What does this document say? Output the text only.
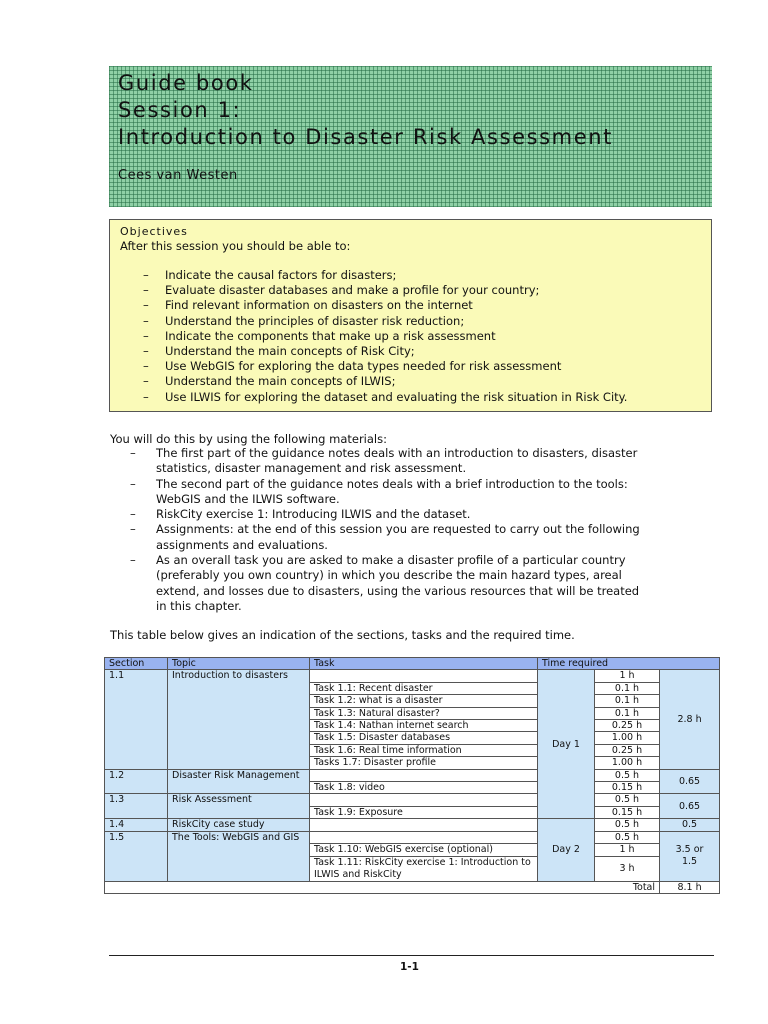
Guide book
Session 1:
Introduction to Disaster Risk Assessment
Cees van Westen
Objectives
After this session you should be able to:
– Indicate the causal factors for disasters;
– Evaluate disaster databases and make a profile for your country;
– Find relevant information on disasters on the internet
– Understand the principles of disaster risk reduction;
– Indicate the components that make up a risk assessment
– Understand the main concepts of Risk City;
– Use WebGIS for exploring the data types needed for risk assessment
– Understand the main concepts of ILWIS;
– Use ILWIS for exploring the dataset and evaluating the risk situation in Risk City.
You will do this by using the following materials:
– The first part of the guidance notes deals with an introduction to disasters, disaster
statistics, disaster management and risk assessment.
– The second part of the guidance notes deals with a brief introduction to the tools:
WebGIS and the ILWIS software.
– RiskCity exercise 1: Introducing ILWIS and the dataset.
– Assignments: at the end of this session you are requested to carry out the following
assignments and evaluations.
– As an overall task you are asked to make a disaster profile of a particular country
(preferably you own country) in which you describe the main hazard types, areal
extend, and losses due to disasters, using the various resources that will be treated
in this chapter.
This table below gives an indication of the sections, tasks and the required time.
Section	Topic	Task	Time required		
1.1	Introduction to disasters		Day 1	1 h	2.8 h
		Task 1.1: Recent disaster		0.1 h	
		Task 1.2: what is a disaster		0.1 h	
		Task 1.3: Natural disaster?		0.1 h	
		Task 1.4: Nathan internet search		0.25 h	
		Task 1.5: Disaster databases		1.00 h	
		Task 1.6: Real time information		0.25 h	
		Tasks 1.7: Disaster profile		1.00 h	
1.2	Disaster Risk Management			0.5 h	0.65
		Task 1.8: video		0.15 h	
1.3	Risk Assessment			0.5 h	0.65
		Task 1.9: Exposure		0.15 h	
1.4	RiskCity case study		Day 2	0.5 h	0.5
1.5	The Tools: WebGIS and GIS			0.5 h	3.5 or 1.5
		Task 1.10: WebGIS exercise (optional)		1 h	
		Task 1.11: RiskCity exercise 1: Introduction to ILWIS and RiskCity		3 h	
				Total	8.1 h
1-1
